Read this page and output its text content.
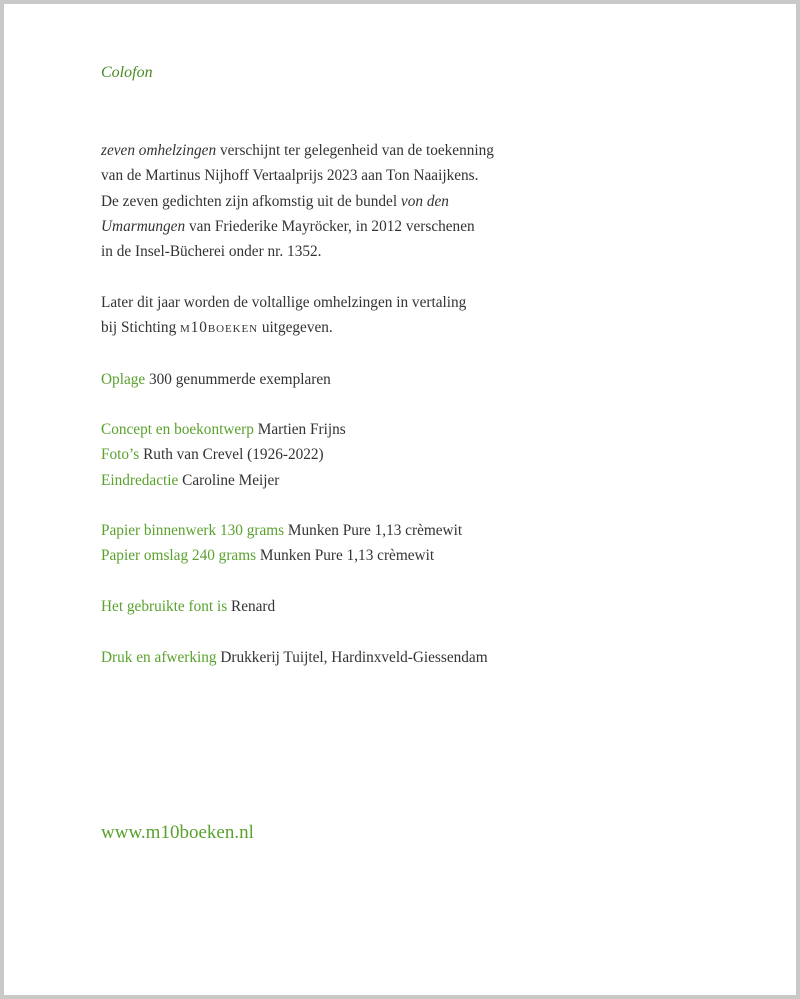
Colofon

zeven omhelzingen verschijnt ter gelegenheid van de toekenning
van de Martinus Nijhoff Vertaalprijs 2023 aan Ton Naaijkens.
De zeven gedichten zijn afkomstig uit de bundel von den
Umarmungen van Friederike Mayröcker, in 2012 verschenen
in de Insel-Bücherei onder nr. 1352.

Later dit jaar worden de voltallige omhelzingen in vertaling
bij Stichting m10boeken uitgegeven.

Oplage 300 genummerde exemplaren

Concept en boekontwerp Martien Frijns
Foto’s Ruth van Crevel (1926-2022)
Eindredactie Caroline Meijer

Papier binnenwerk 130 grams Munken Pure 1,13 crèmewit
Papier omslag 240 grams Munken Pure 1,13 crèmewit

Het gebruikte font is Renard

Druk en afwerking Drukkerij Tuijtel, Hardinxveld-Giessendam

www.m10boeken.nl
